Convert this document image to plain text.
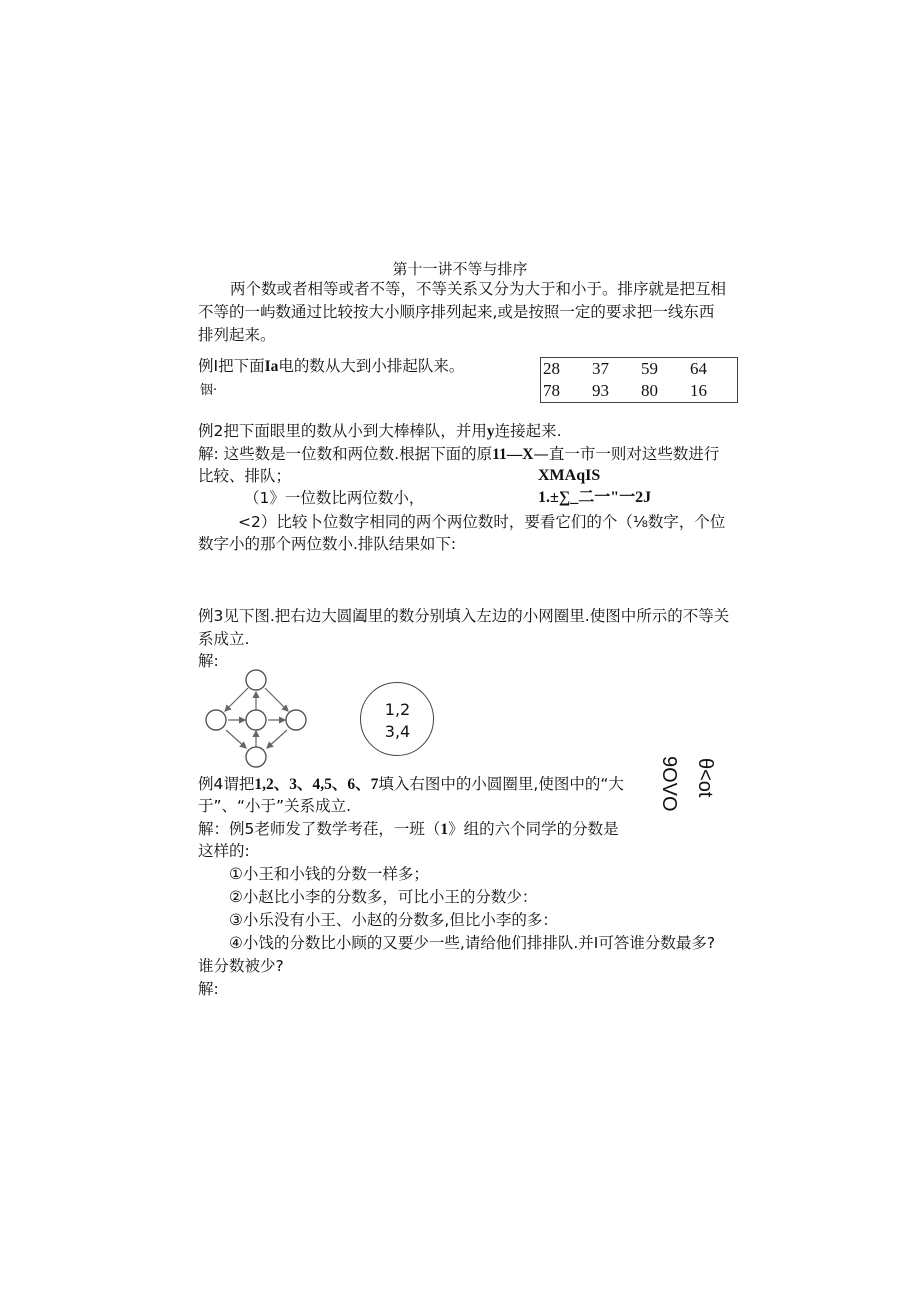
第十一讲不等与排序
两个数或者相等或者不等，不等关系又分为大于和小于。排序就是把互相
不等的一屿数通过比较按大小顺序排列起来,或是按照一定的要求把一线东西
排列起来。
例I把下面Ia电的数从大到小排起队来。
铟·
28	37	59	64
78	93	80	16
例2把下面眼里的数从小到大棒棒队，并用y连接起来.
解: 这些数是一位数和两位数.根据下面的原11—X—直一市一则对这些数进行
比较、排队；	XMAqIS
（1》一位数比两位数小，	1.±∑_二一"一2J
<2）比较卜位数字相同的两个两位数时，要看它们的个（⅛数字，个位
数字小的那个两位数小.排队结果如下:
例3见下图.把右边大圆阖里的数分别填入左边的小网圈里.使图中所示的不等关
系成立.
解:
1,2
3,4
例4谓把1,2、3、4,5、6、7填入右图中的小圆圈里,使图中的“大
于”、“小于”关系成立.	9OVO θ<ot
解：例5老师发了数学考荏，一班（1》组的六个同学的分数是
这样的:
①小王和小钱的分数一样多；
②小赵比小李的分数多，可比小王的分数少：
③小乐没有小王、小赵的分数多,但比小李的多：
④小饯的分数比小顾的又要少一些,请给他们排排队.并I可答谁分数最多?
谁分数被少?
解:
